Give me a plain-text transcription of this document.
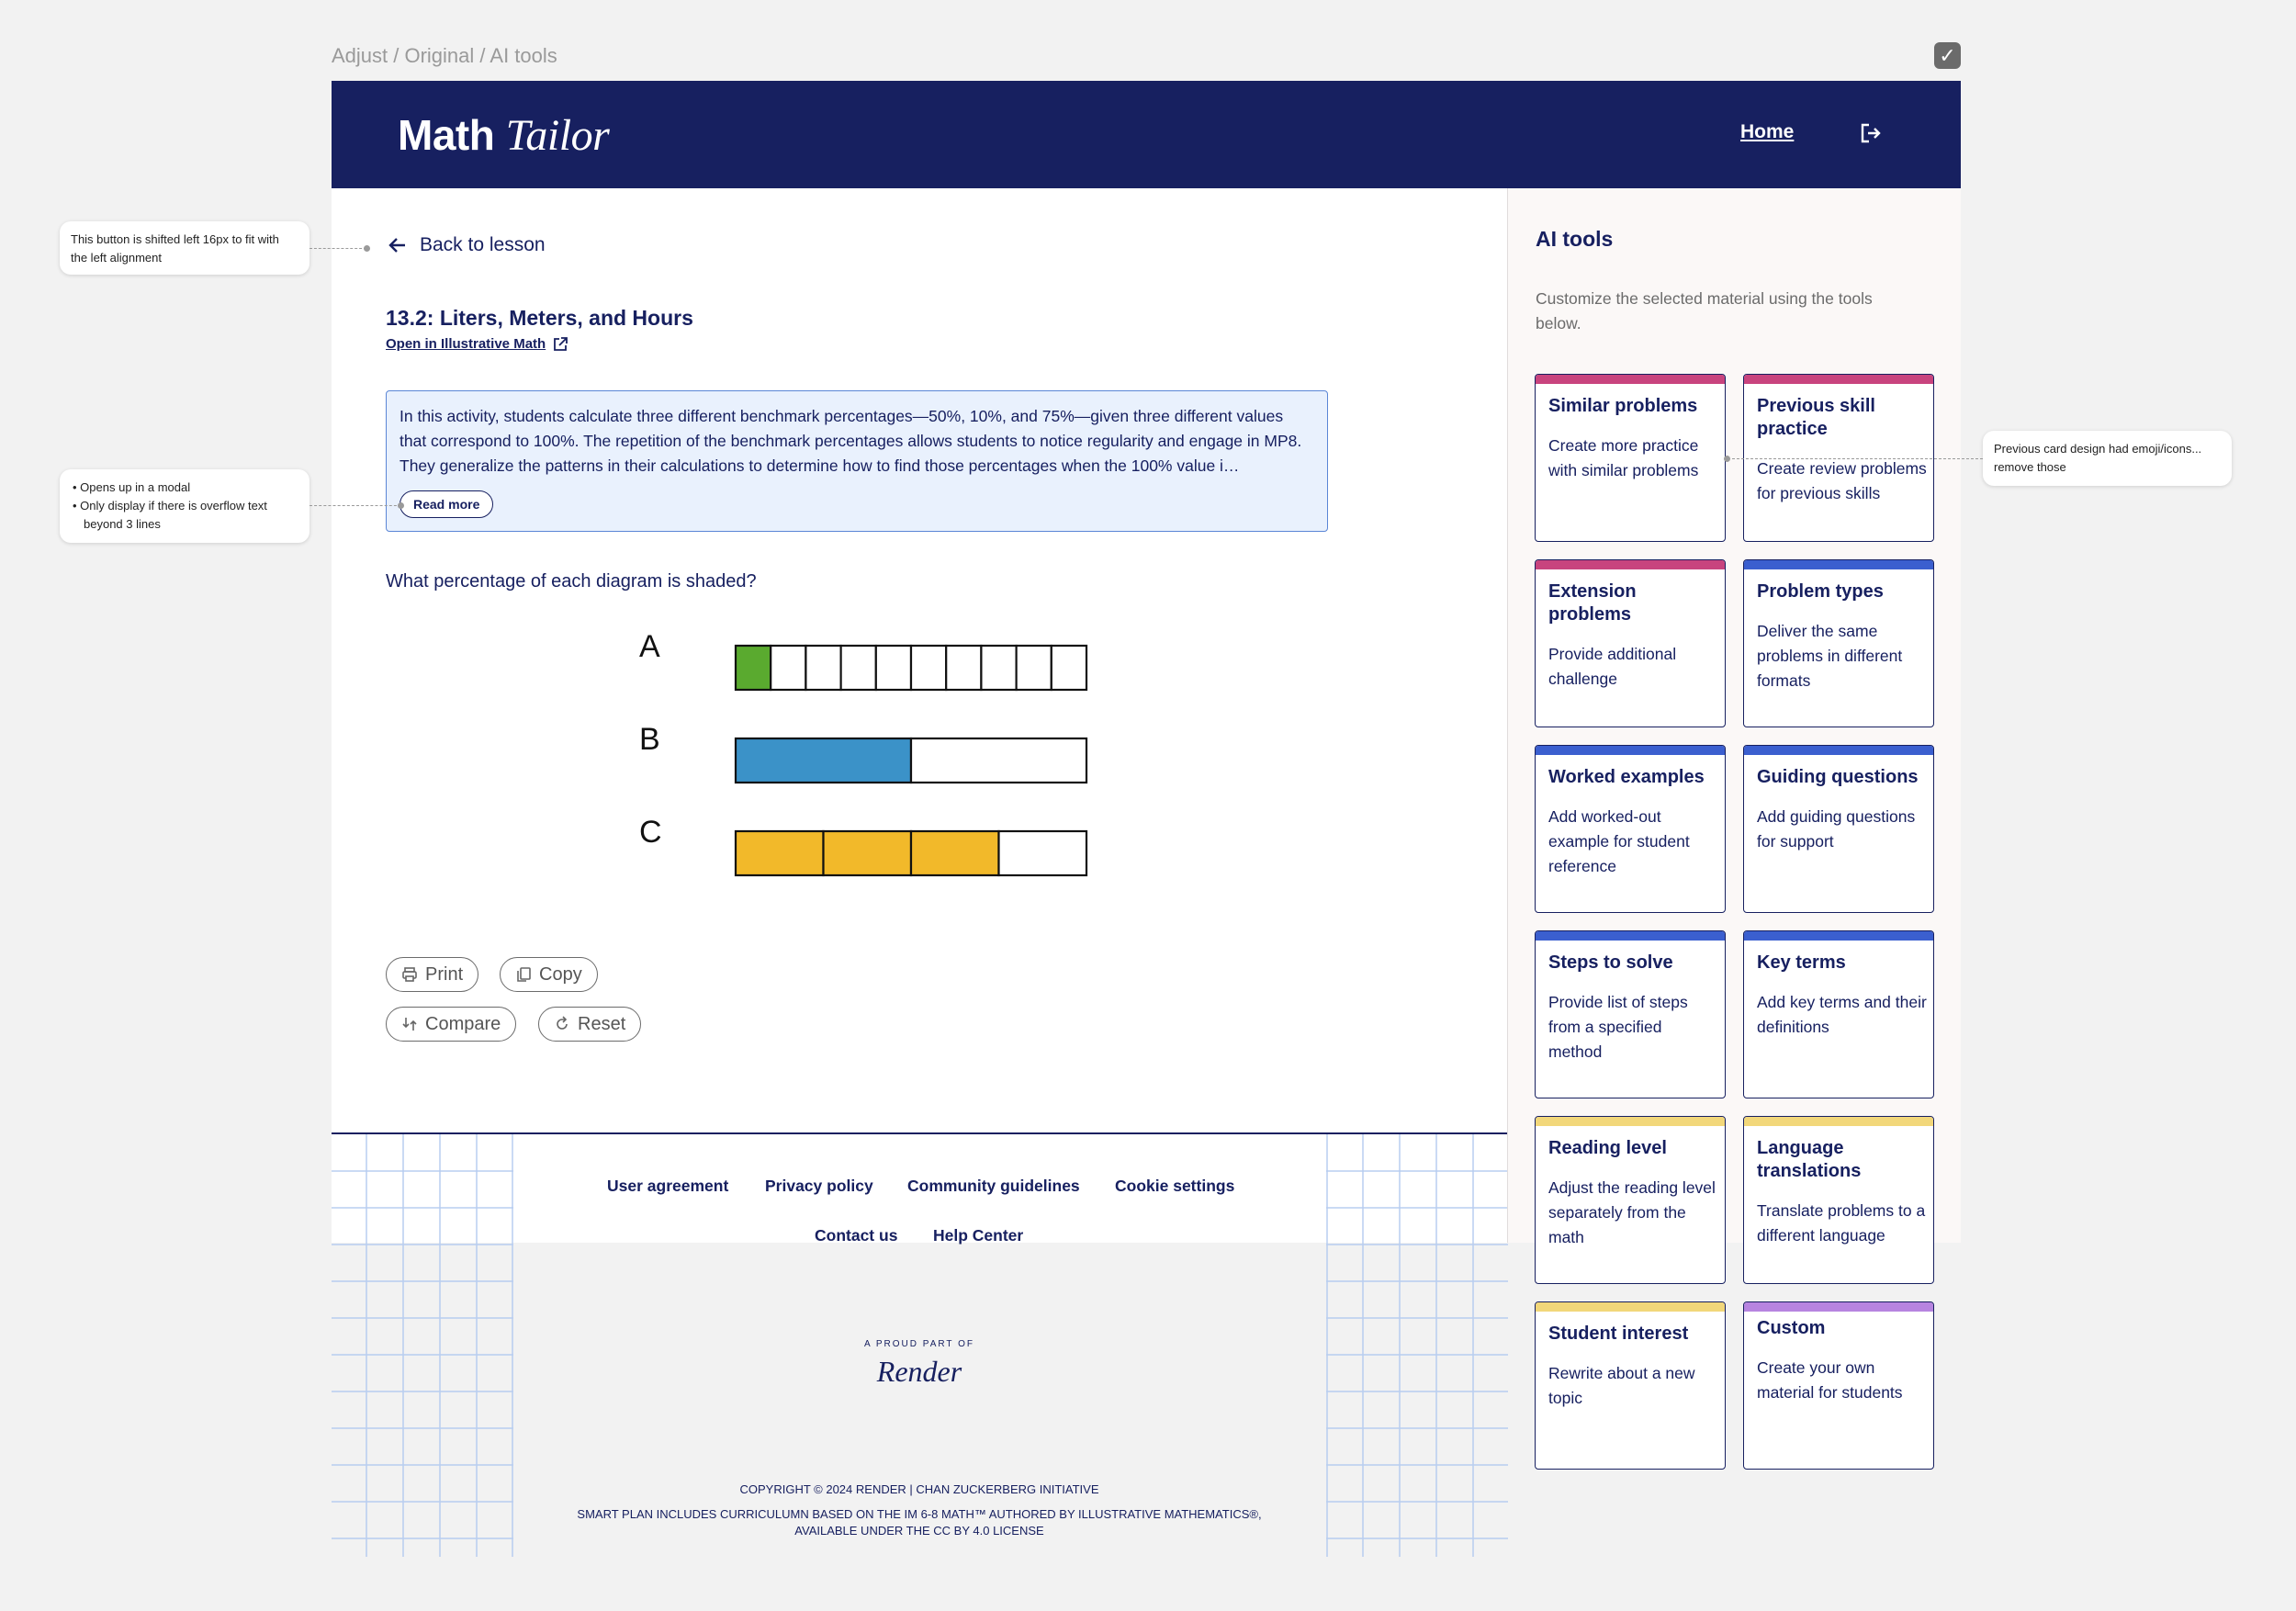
Adjust / Original / AI tools	✓
Math Tailor	Home
Back to lesson
13.2: Liters, Meters, and Hours
Open in Illustrative Math
In this activity, students calculate three different benchmark percentages—50%, 10%, and 75%—given three different values that correspond to 100%. The repetition of the benchmark percentages allows students to notice regularity and engage in MP8. They generalize the patterns in their calculations to determine how to find those percentages when the 100% value i…
Read more
What percentage of each diagram is shaded?
A
B
C
Print	Copy
Compare	Reset
User agreement Privacy policy Community guidelines Cookie settings
Contact us Help Center
A PROUD PART OF
Render
COPYRIGHT © 2024 RENDER | CHAN ZUCKERBERG INITIATIVE
SMART PLAN INCLUDES CURRICULUMN BASED ON THE IM 6-8 MATH™ AUTHORED BY ILLUSTRATIVE MATHEMATICS®,
AVAILABLE UNDER THE CC BY 4.0 LICENSE
AI tools
Customize the selected material using the tools below.
Similar problems
Create more practice with similar problems
Previous skill practice
Create review problems for previous skills
Extension problems
Provide additional challenge
Problem types
Deliver the same problems in different formats
Worked examples
Add worked-out example for student reference
Guiding questions
Add guiding questions for support
Steps to solve
Provide list of steps from a specified method
Key terms
Add key terms and their definitions
Reading level
Adjust the reading level separately from the math
Language translations
Translate problems to a different language
Student interest
Rewrite about a new topic
Custom
Create your own material for students
This button is shifted left 16px to fit with the left alignment
• Opens up in a modal
• Only display if there is overflow text beyond 3 lines
Previous card design had emoji/icons... remove those
